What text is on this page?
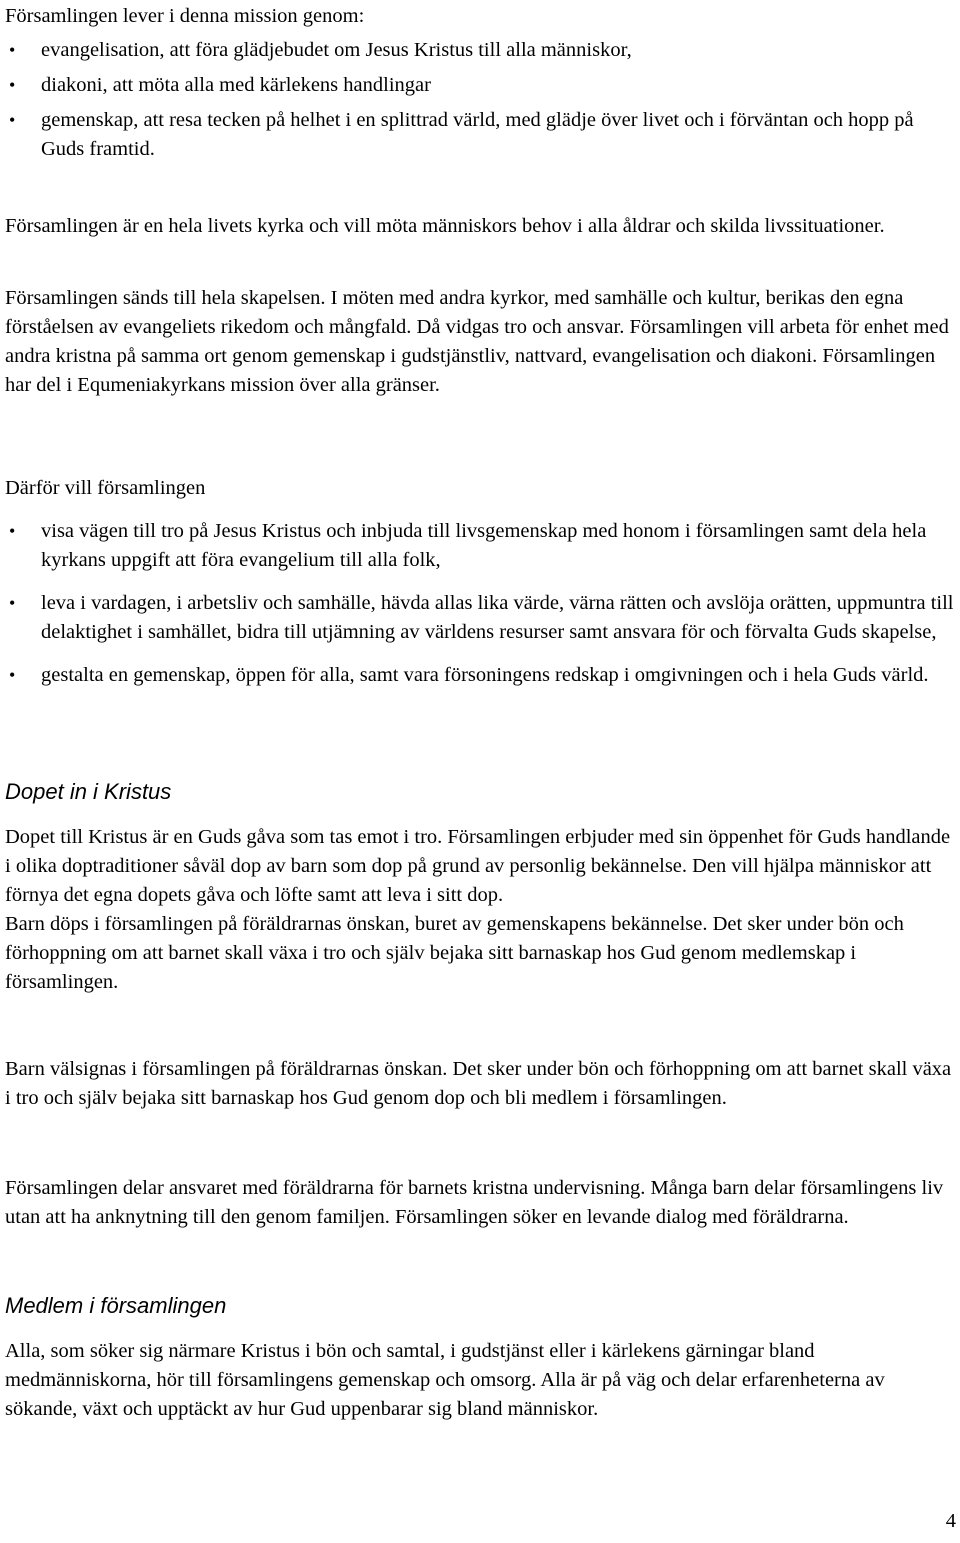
Församlingen lever i denna mission genom:
•	evangelisation, att föra glädjebudet om Jesus Kristus till alla människor,
•	diakoni, att möta alla med kärlekens handlingar
•	gemenskap, att resa tecken på helhet i en splittrad värld, med glädje över livet och i förväntan och hopp på Guds framtid.
Församlingen är en hela livets kyrka och vill möta människors behov i alla åldrar och skilda livssituationer.
Församlingen sänds till hela skapelsen. I möten med andra kyrkor, med samhälle och kultur, berikas den egna förståelsen av evangeliets rikedom och mångfald. Då vidgas tro och ansvar. Församlingen vill arbeta för enhet med andra kristna på samma ort genom gemenskap i gudstjänstliv, nattvard, evangelisation och diakoni. Församlingen har del i Equmeniakyrkans mission över alla gränser.
Därför vill församlingen
•	visa vägen till tro på Jesus Kristus och inbjuda till livsgemenskap med honom i församlingen samt dela hela kyrkans uppgift att föra evangelium till alla folk,
•	leva i vardagen, i arbetsliv och samhälle, hävda allas lika värde, värna rätten och avslöja orätten, uppmuntra till delaktighet i samhället, bidra till utjämning av världens resurser samt ansvara för och förvalta Guds skapelse,
•	gestalta en gemenskap, öppen för alla, samt vara försoningens redskap i omgivningen och i hela Guds värld.
Dopet in i Kristus
Dopet till Kristus är en Guds gåva som tas emot i tro. Församlingen erbjuder med sin öppenhet för Guds handlande i olika doptraditioner såväl dop av barn som dop på grund av personlig bekännelse. Den vill hjälpa människor att förnya det egna dopets gåva och löfte samt att leva i sitt dop.
Barn döps i församlingen på föräldrarnas önskan, buret av gemenskapens bekännelse. Det sker under bön och förhoppning om att barnet skall växa i tro och själv bejaka sitt barnaskap hos Gud genom medlemskap i församlingen.
Barn välsignas i församlingen på föräldrarnas önskan. Det sker under bön och förhoppning om att barnet skall växa i tro och själv bejaka sitt barnaskap hos Gud genom dop och bli medlem i församlingen.
Församlingen delar ansvaret med föräldrarna för barnets kristna undervisning. Många barn delar församlingens liv utan att ha anknytning till den genom familjen. Församlingen söker en levande dialog med föräldrarna.
Medlem i församlingen
Alla, som söker sig närmare Kristus i bön och samtal, i gudstjänst eller i kärlekens gärningar bland medmänniskorna, hör till församlingens gemenskap och omsorg. Alla är på väg och delar erfarenheterna av sökande, växt och upptäckt av hur Gud uppenbarar sig bland människor.
4
